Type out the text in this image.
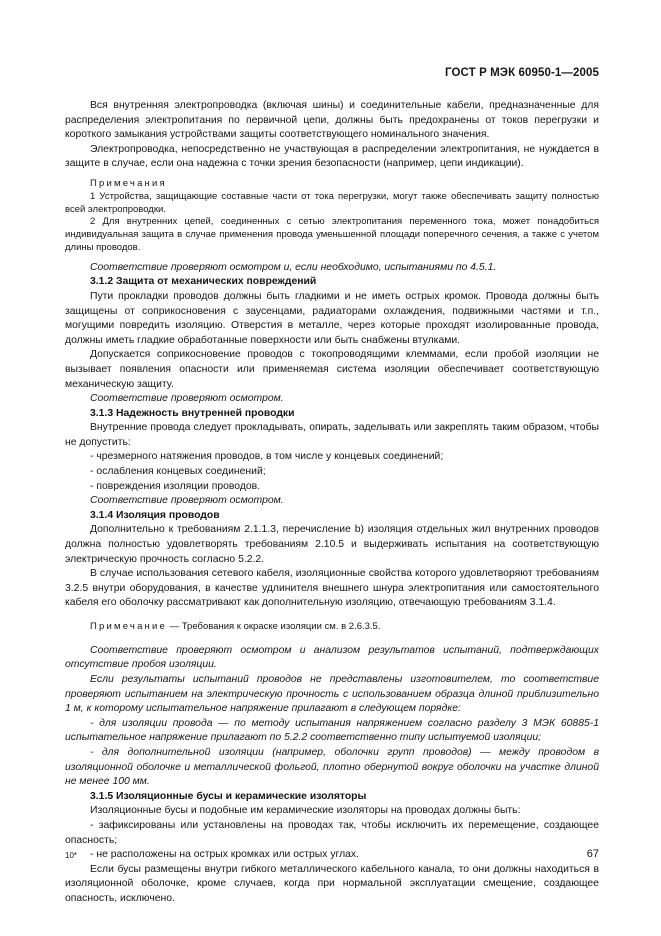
ГОСТ Р МЭК 60950-1—2005

Вся внутренняя электропроводка (включая шины) и соединительные кабели, предназначенные для распределения электропитания по первичной цепи, должны быть предохранены от токов перегрузки и короткого замыкания устройствами защиты соответствующего номинального значения.

Электропроводка, непосредственно не участвующая в распределении электропитания, не нуждается в защите в случае, если она надежна с точки зрения безопасности (например, цепи индикации).

Примечания

1 Устройства, защищающие составные части от тока перегрузки, могут также обеспечивать защиту полностью всей электропроводки.

2 Для внутренних цепей, соединенных с сетью электропитания переменного тока, может понадобиться индивидуальная защита в случае применения провода уменьшенной площади поперечного сечения, а также с учетом длины проводов.

Соответствие проверяют осмотром и, если необходимо, испытаниями по 4.5.1.

3.1.2 Защита от механических повреждений

Пути прокладки проводов должны быть гладкими и не иметь острых кромок. Провода должны быть защищены от соприкосновения с заусенцами, радиаторами охлаждения, подвижными частями и т.п., могущими повредить изоляцию. Отверстия в металле, через которые проходят изолированные провода, должны иметь гладкие обработанные поверхности или быть снабжены втулками.

Допускается соприкосновение проводов с токопроводящими клеммами, если пробой изоляции не вызывает появления опасности или применяемая система изоляции обеспечивает соответствующую механическую защиту.

Соответствие проверяют осмотром.

3.1.3 Надежность внутренней проводки

Внутренние провода следует прокладывать, опирать, заделывать или закреплять таким образом, чтобы не допустить:

- чрезмерного натяжения проводов, в том числе у концевых соединений;

- ослабления концевых соединений;

- повреждения изоляции проводов.

Соответствие проверяют осмотром.

3.1.4 Изоляция проводов

Дополнительно к требованиям 2.1.1.3, перечисление b) изоляция отдельных жил внутренних проводов должна полностью удовлетворять требованиям 2.10.5 и выдерживать испытания на соответствующую электрическую прочность согласно 5.2.2.

В случае использования сетевого кабеля, изоляционные свойства которого удовлетворяют требованиям 3.2.5 внутри оборудования, в качестве удлинителя внешнего шнура электропитания или самостоятельного кабеля его оболочку рассматривают как дополнительную изоляцию, отвечающую требованиям 3.1.4.

Примечание — Требования к окраске изоляции см. в 2.6.3.5.

Соответствие проверяют осмотром и анализом результатов испытаний, подтверждающих отсутствие пробоя изоляции.

Если результаты испытаний проводов не представлены изготовителем, то соответствие проверяют испытанием на электрическую прочность с использованием образца длиной приблизительно 1 м, к которому испытательное напряжение прилагают в следующем порядке:

- для изоляции провода — по методу испытания напряжением согласно разделу 3 МЭК 60885-1 испытательное напряжение прилагают по 5.2.2 соответственно типу испытуемой изоляции;

- для дополнительной изоляции (например, оболочки групп проводов) — между проводом в изоляционной оболочке и металлической фольгой, плотно обернутой вокруг оболочки на участке длиной не менее 100 мм.

3.1.5 Изоляционные бусы и керамические изоляторы

Изоляционные бусы и подобные им керамические изоляторы на проводах должны быть:

- зафиксированы или установлены на проводах так, чтобы исключить их перемещение, создающее опасность;

- не расположены на острых кромках или острых углах.

Если бусы размещены внутри гибкого металлического кабельного канала, то они должны находиться в изоляционной оболочке, кроме случаев, когда при нормальной эксплуатации смещение, создающее опасность, исключено.

10*	67
